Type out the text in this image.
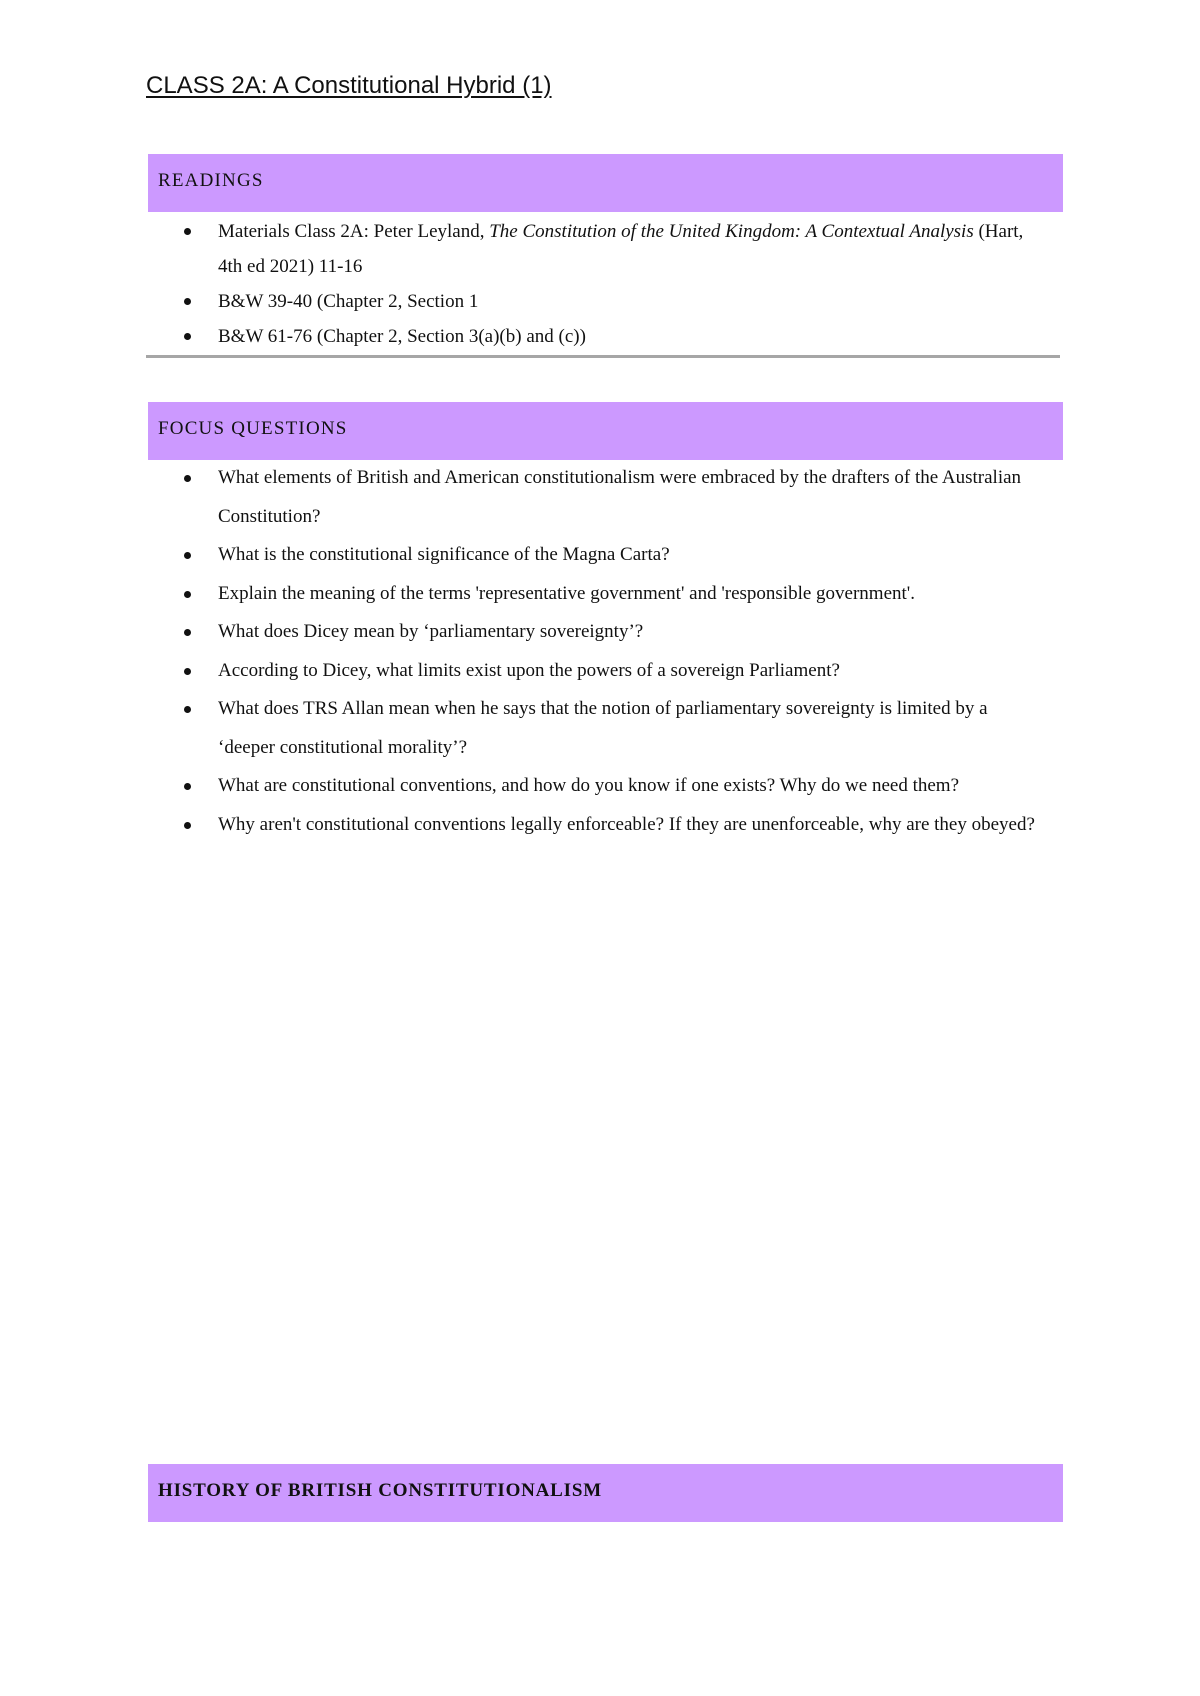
CLASS 2A: A Constitutional Hybrid (1)
READINGS
Materials Class 2A: Peter Leyland, The Constitution of the United Kingdom: A Contextual Analysis (Hart, 4th ed 2021) 11-16
B&W 39-40 (Chapter 2, Section 1
B&W 61-76 (Chapter 2, Section 3(a)(b) and (c))
FOCUS QUESTIONS
What elements of British and American constitutionalism were embraced by the drafters of the Australian Constitution?
What is the constitutional significance of the Magna Carta?
Explain the meaning of the terms 'representative government' and 'responsible government'.
What does Dicey mean by ‘parliamentary sovereignty’?
According to Dicey, what limits exist upon the powers of a sovereign Parliament?
What does TRS Allan mean when he says that the notion of parliamentary sovereignty is limited by a ‘deeper constitutional morality’?
What are constitutional conventions, and how do you know if one exists? Why do we need them?
Why aren't constitutional conventions legally enforceable? If they are unenforceable, why are they obeyed?
HISTORY OF BRITISH CONSTITUTIONALISM
